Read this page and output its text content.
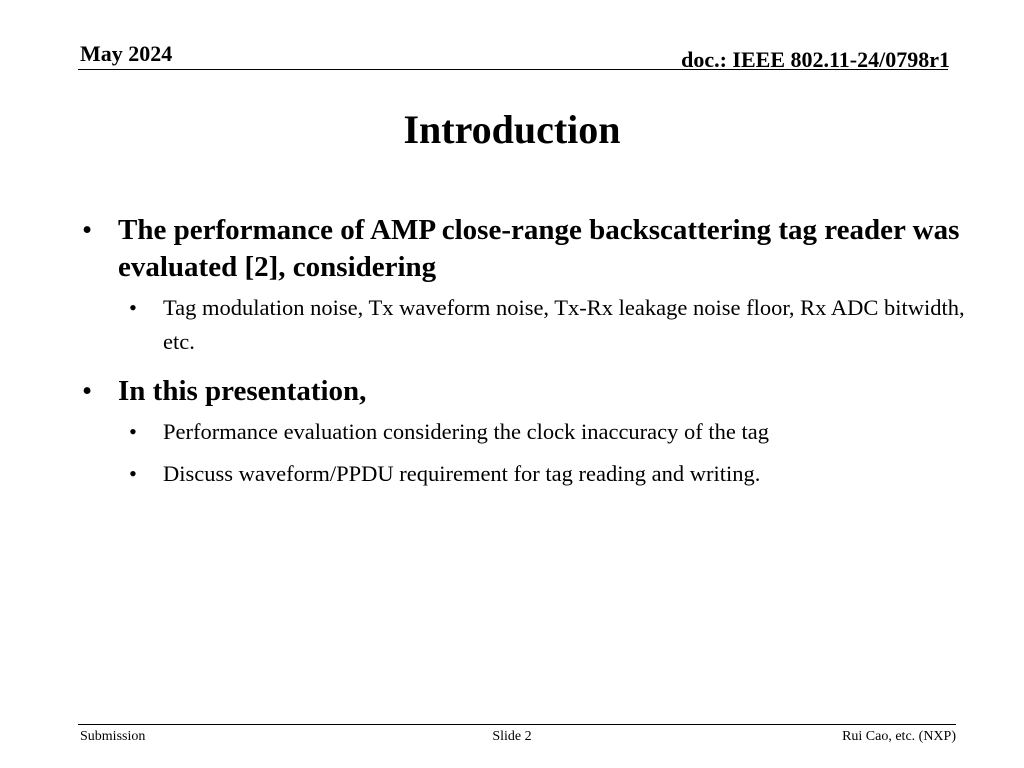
May 2024	doc.: IEEE 802.11-24/0798r1
Introduction
• The performance of AMP close-range backscattering tag reader was evaluated [2], considering
• Tag modulation noise, Tx waveform noise, Tx-Rx leakage noise floor, Rx ADC bitwidth, etc.
• In this presentation,
• Performance evaluation considering the clock inaccuracy of the tag
• Discuss waveform/PPDU requirement for tag reading and writing.
Submission	Slide 2	Rui Cao, etc. (NXP)
